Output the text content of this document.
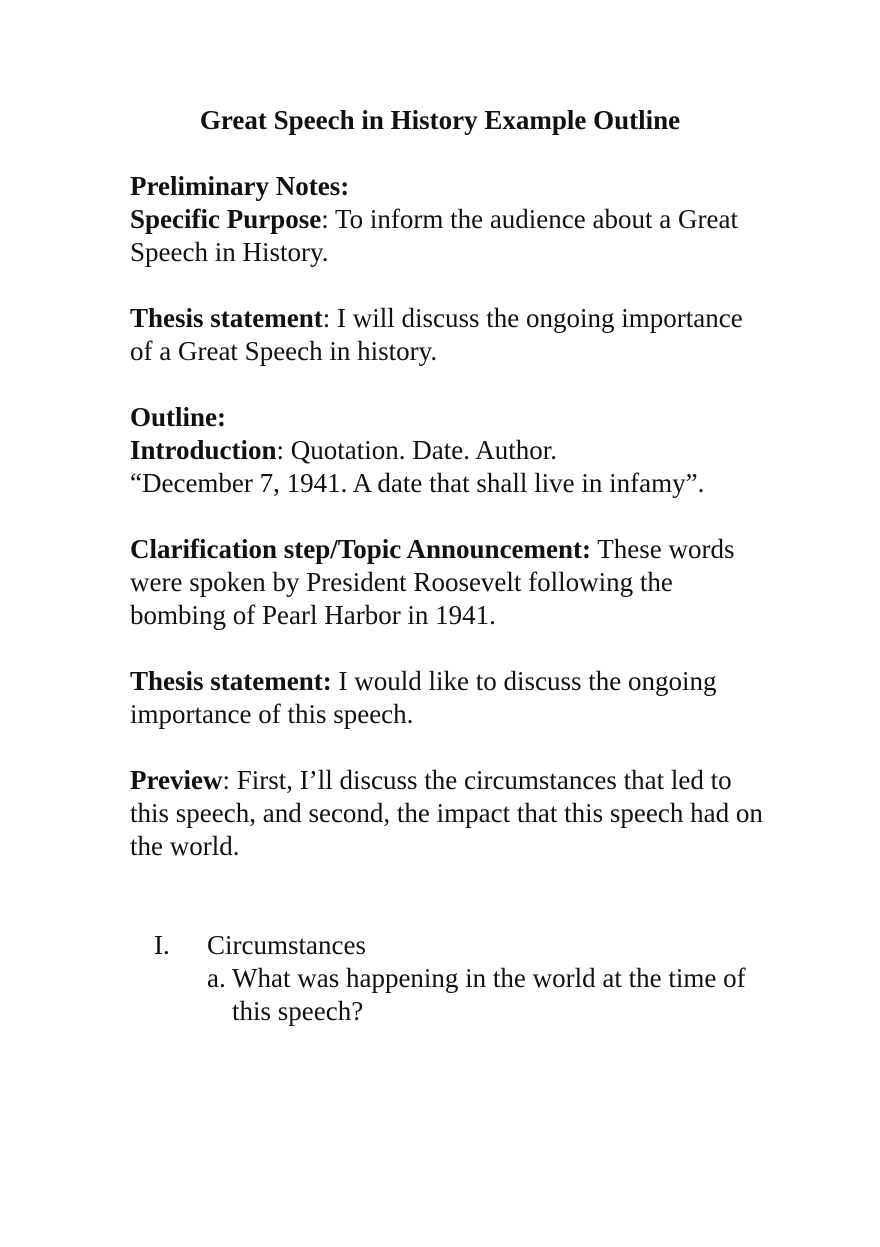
Great Speech in History Example Outline

Preliminary Notes:

Specific Purpose: To inform the audience about a Great Speech in History.

Thesis statement: I will discuss the ongoing importance of a Great Speech in history.

Outline:

Introduction: Quotation. Date. Author.

“December 7, 1941. A date that shall live in infamy”.

Clarification step/Topic Announcement: These words were spoken by President Roosevelt following the bombing of Pearl Harbor in 1941.

Thesis statement: I would like to discuss the ongoing importance of this speech.

Preview: First, I’ll discuss the circumstances that led to this speech, and second, the impact that this speech had on the world.

I. Circumstances

a. What was happening in the world at the time of this speech?
